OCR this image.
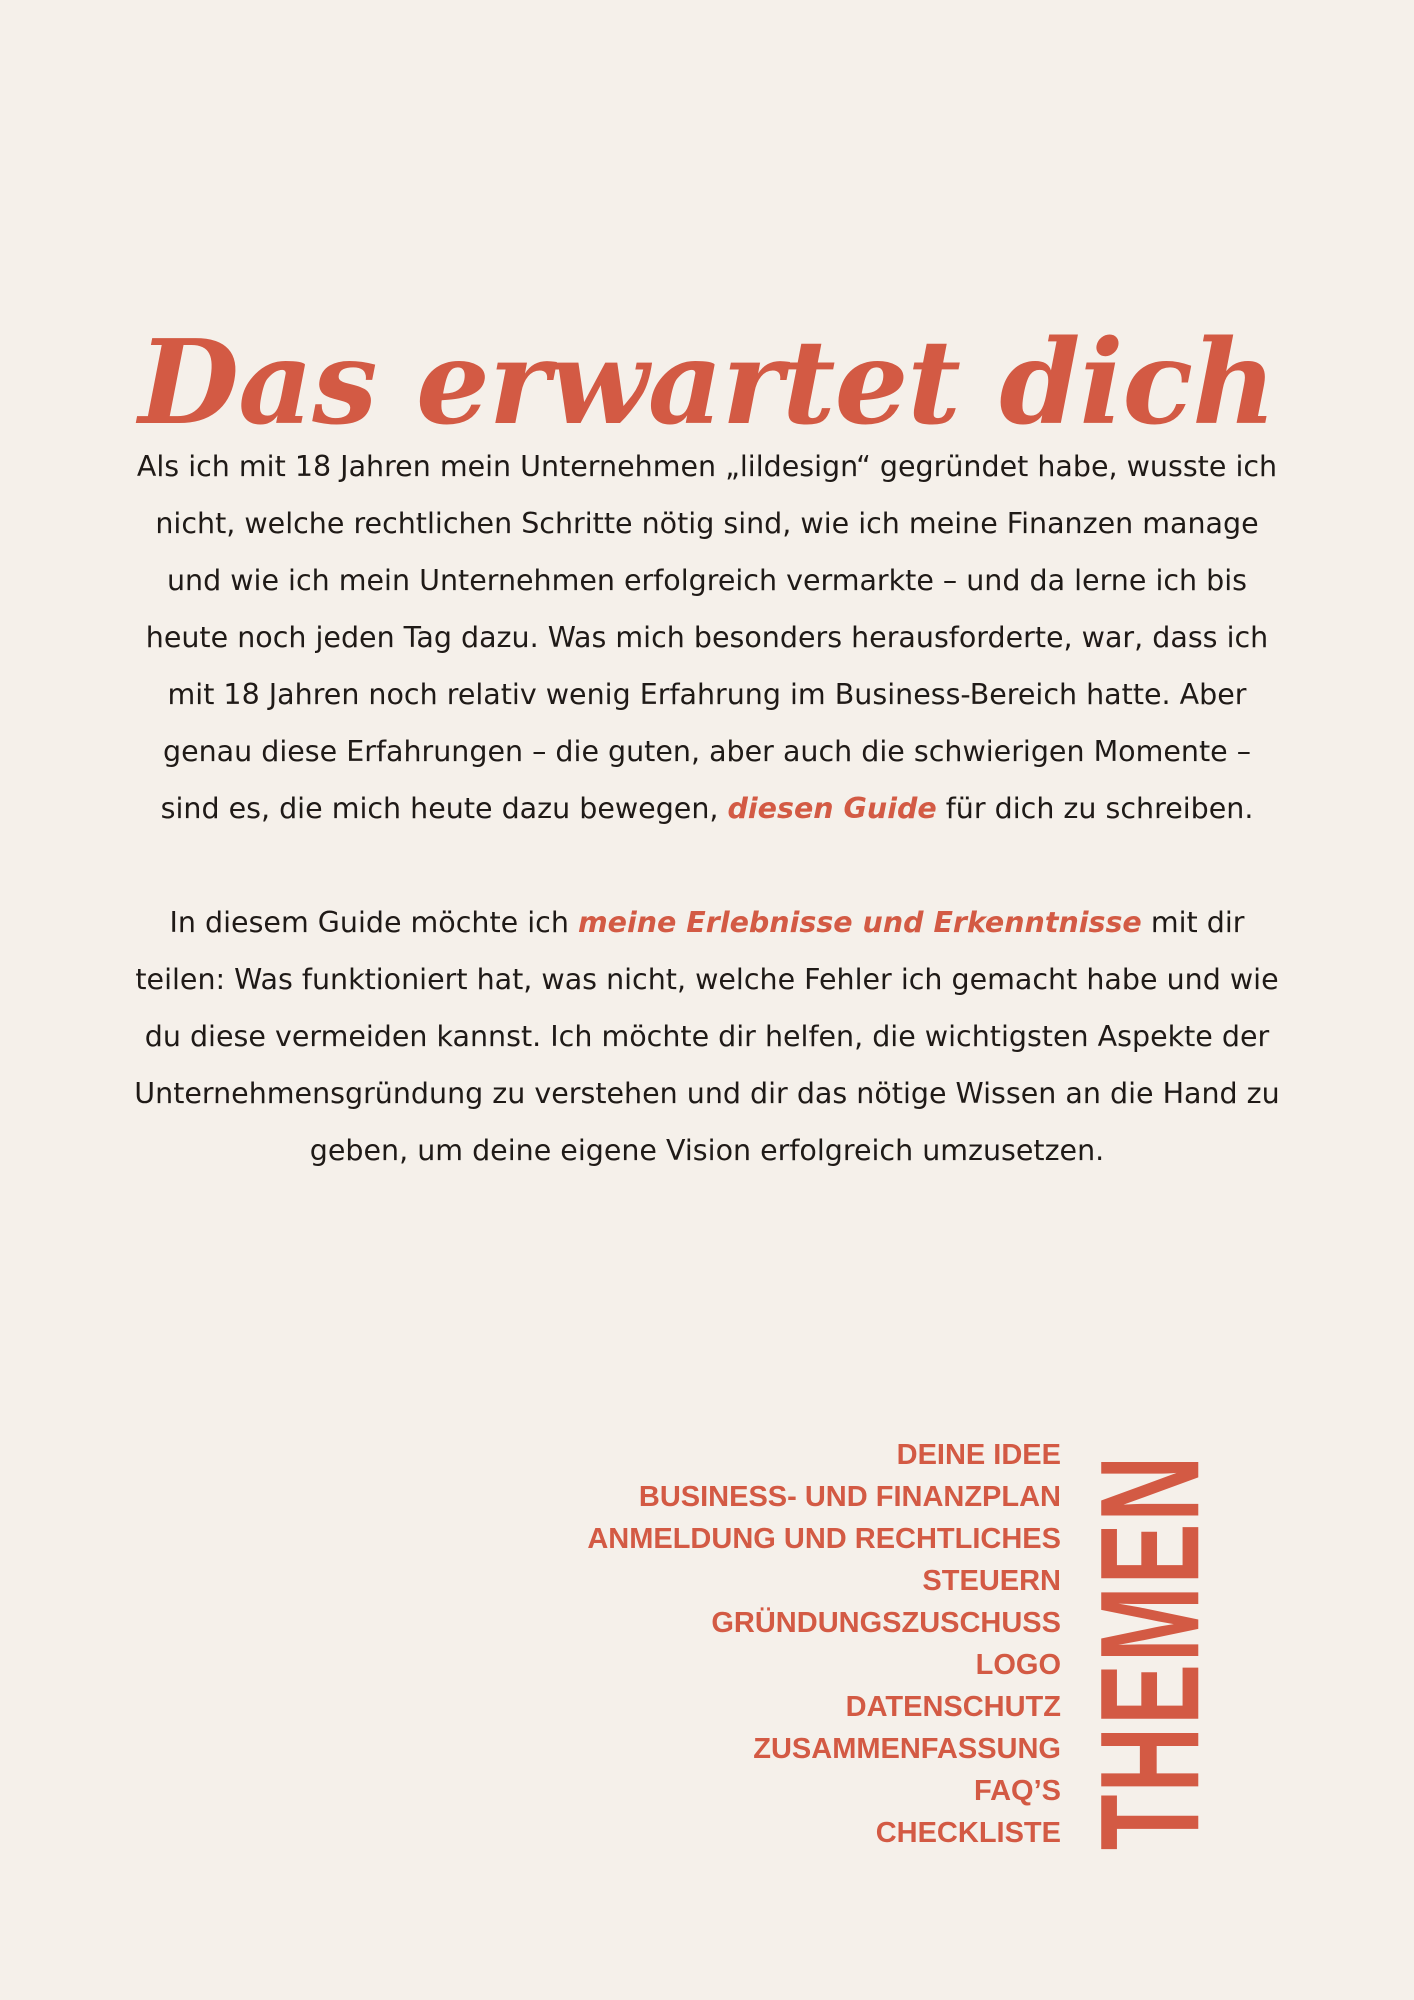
Das erwartet dich

Als ich mit 18 Jahren mein Unternehmen „lildesign“ gegründet habe, wusste ich nicht, welche rechtlichen Schritte nötig sind, wie ich meine Finanzen manage und wie ich mein Unternehmen erfolgreich vermarkte – und da lerne ich bis heute noch jeden Tag dazu. Was mich besonders herausforderte, war, dass ich mit 18 Jahren noch relativ wenig Erfahrung im Business-Bereich hatte. Aber genau diese Erfahrungen – die guten, aber auch die schwierigen Momente – sind es, die mich heute dazu bewegen, diesen Guide für dich zu schreiben.

In diesem Guide möchte ich meine Erlebnisse und Erkenntnisse mit dir teilen: Was funktioniert hat, was nicht, welche Fehler ich gemacht habe und wie du diese vermeiden kannst. Ich möchte dir helfen, die wichtigsten Aspekte der Unternehmensgründung zu verstehen und dir das nötige Wissen an die Hand zu geben, um deine eigene Vision erfolgreich umzusetzen.

DEINE IDEE
BUSINESS- UND FINANZPLAN
ANMELDUNG UND RECHTLICHES
STEUERN
GRÜNDUNGSZUSCHUSS
LOGO
DATENSCHUTZ
ZUSAMMENFASSUNG
FAQ’S
CHECKLISTE THEMEN
